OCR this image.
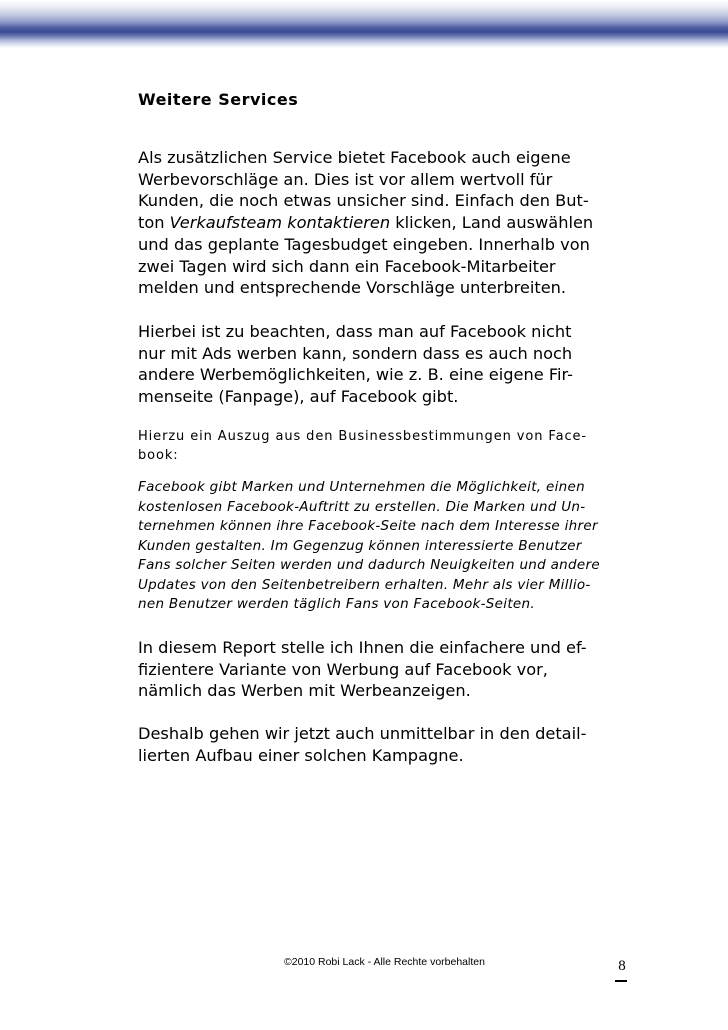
Weitere Services

Als zusätzlichen Service bietet Facebook auch eigene
Werbevorschläge an. Dies ist vor allem wertvoll für
Kunden, die noch etwas unsicher sind. Einfach den But-
ton Verkaufsteam kontaktieren klicken, Land auswählen
und das geplante Tagesbudget eingeben. Innerhalb von
zwei Tagen wird sich dann ein Facebook-Mitarbeiter
melden und entsprechende Vorschläge unterbreiten.

Hierbei ist zu beachten, dass man auf Facebook nicht
nur mit Ads werben kann, sondern dass es auch noch
andere Werbemöglichkeiten, wie z. B. eine eigene Fir-
menseite (Fanpage), auf Facebook gibt.

Hierzu ein Auszug aus den Businessbestimmungen von Face-
book:

Facebook gibt Marken und Unternehmen die Möglichkeit, einen
kostenlosen Facebook-Auftritt zu erstellen. Die Marken und Un-
ternehmen können ihre Facebook-Seite nach dem Interesse ihrer
Kunden gestalten. Im Gegenzug können interessierte Benutzer
Fans solcher Seiten werden und dadurch Neuigkeiten und andere
Updates von den Seitenbetreibern erhalten. Mehr als vier Millio-
nen Benutzer werden täglich Fans von Facebook-Seiten.

In diesem Report stelle ich Ihnen die einfachere und ef-
fizientere Variante von Werbung auf Facebook vor,
nämlich das Werben mit Werbeanzeigen.

Deshalb gehen wir jetzt auch unmittelbar in den detail-
lierten Aufbau einer solchen Kampagne.

©2010 Robi Lack - Alle Rechte vorbehalten	8
